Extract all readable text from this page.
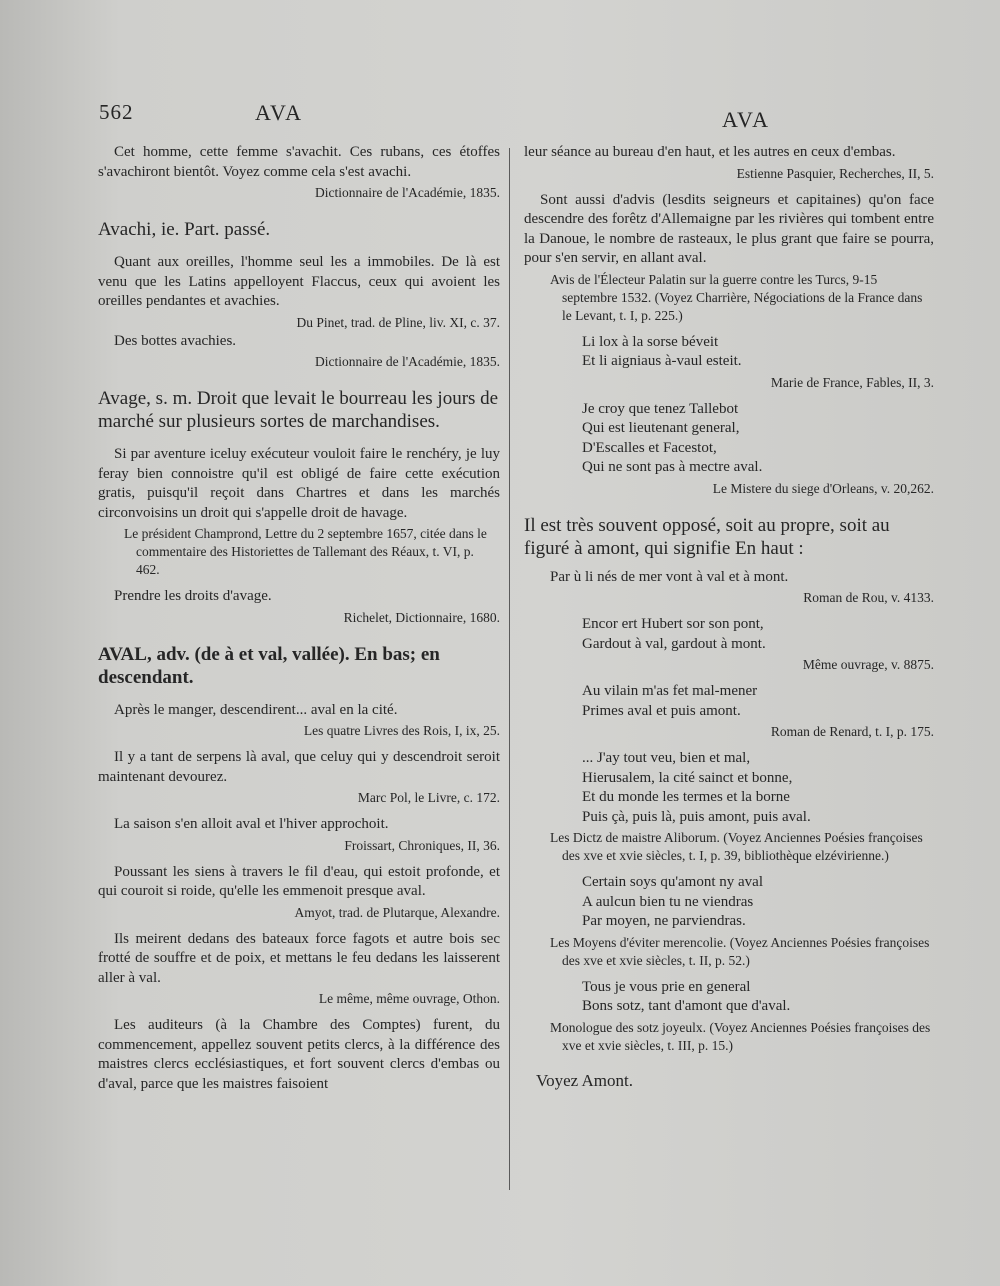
562	AVA	AVA

Cet homme, cette femme s'avachit. Ces rubans, ces étoffes s'avachiront bientôt. Voyez comme cela s'est avachi.

Dictionnaire de l'Académie, 1835.

Avachi, ie. Part. passé.

Quant aux oreilles, l'homme seul les a immobiles. De là est venu que les Latins appelloyent Flaccus, ceux qui avoient les oreilles pendantes et avachies.

Du Pinet, trad. de Pline, liv. XI, c. 37.

Des bottes avachies.

Dictionnaire de l'Académie, 1835.

Avage, s. m. Droit que levait le bourreau les jours de marché sur plusieurs sortes de marchandises.

Si par aventure iceluy exécuteur vouloit faire le renchéry, je luy feray bien connoistre qu'il est obligé de faire cette exécution gratis, puisqu'il reçoit dans Chartres et dans les marchés circonvoisins un droit qui s'appelle droit de havage.

Le président Champrond, Lettre du 2 septembre 1657, citée dans le commentaire des Historiettes de Tallemant des Réaux, t. VI, p. 462.

Prendre les droits d'avage.

Richelet, Dictionnaire, 1680.

AVAL, adv. (de à et val, vallée). En bas; en descendant.

Après le manger, descendirent... aval en la cité.

Les quatre Livres des Rois, I, ix, 25.

Il y a tant de serpens là aval, que celuy qui y descendroit seroit maintenant devourez.

Marc Pol, le Livre, c. 172.

La saison s'en alloit aval et l'hiver approchoit.

Froissart, Chroniques, II, 36.

Poussant les siens à travers le fil d'eau, qui estoit profonde, et qui couroit si roide, qu'elle les emmenoit presque aval.

Amyot, trad. de Plutarque, Alexandre.

Ils meirent dedans des bateaux force fagots et autre bois sec frotté de souffre et de poix, et mettans le feu dedans les laisserent aller à val.

Le même, même ouvrage, Othon.

Les auditeurs (à la Chambre des Comptes) furent, du commencement, appellez souvent petits clercs, à la différence des maistres clercs ecclésiastiques, et fort souvent clercs d'embas ou d'aval, parce que les maistres faisoient

leur séance au bureau d'en haut, et les autres en ceux d'embas.

Estienne Pasquier, Recherches, II, 5.

Sont aussi d'advis (lesdits seigneurs et capitaines) qu'on face descendre des forêtz d'Allemaigne par les rivières qui tombent entre la Danoue, le nombre de rasteaux, le plus grant que faire se pourra, pour s'en servir, en allant aval.

Avis de l'Électeur Palatin sur la guerre contre les Turcs, 9-15 septembre 1532. (Voyez Charrière, Négociations de la France dans le Levant, t. I, p. 225.)

Li lox à la sorse béveit

Et li aigniaus à-vaul esteit.

Marie de France, Fables, II, 3.

Je croy que tenez Tallebot

Qui est lieutenant general,

D'Escalles et Facestot,

Qui ne sont pas à mectre aval.

Le Mistere du siege d'Orleans, v. 20,262.

Il est très souvent opposé, soit au propre, soit au figuré à amont, qui signifie En haut :

Par ù li nés de mer vont à val et à mont.

Roman de Rou, v. 4133.

Encor ert Hubert sor son pont,

Gardout à val, gardout à mont.

Même ouvrage, v. 8875.

Au vilain m'as fet mal-mener

Primes aval et puis amont.

Roman de Renard, t. I, p. 175.

... J'ay tout veu, bien et mal,

Hierusalem, la cité sainct et bonne,

Et du monde les termes et la borne

Puis çà, puis là, puis amont, puis aval.

Les Dictz de maistre Aliborum. (Voyez Anciennes Poésies françoises des xve et xvie siècles, t. I, p. 39, bibliothèque elzévirienne.)

Certain soys qu'amont ny aval

A aulcun bien tu ne viendras

Par moyen, ne parviendras.

Les Moyens d'éviter merencolie. (Voyez Anciennes Poésies françoises des xve et xvie siècles, t. II, p. 52.)

Tous je vous prie en general

Bons sotz, tant d'amont que d'aval.

Monologue des sotz joyeulx. (Voyez Anciennes Poésies françoises des xve et xvie siècles, t. III, p. 15.)

Voyez Amont.
